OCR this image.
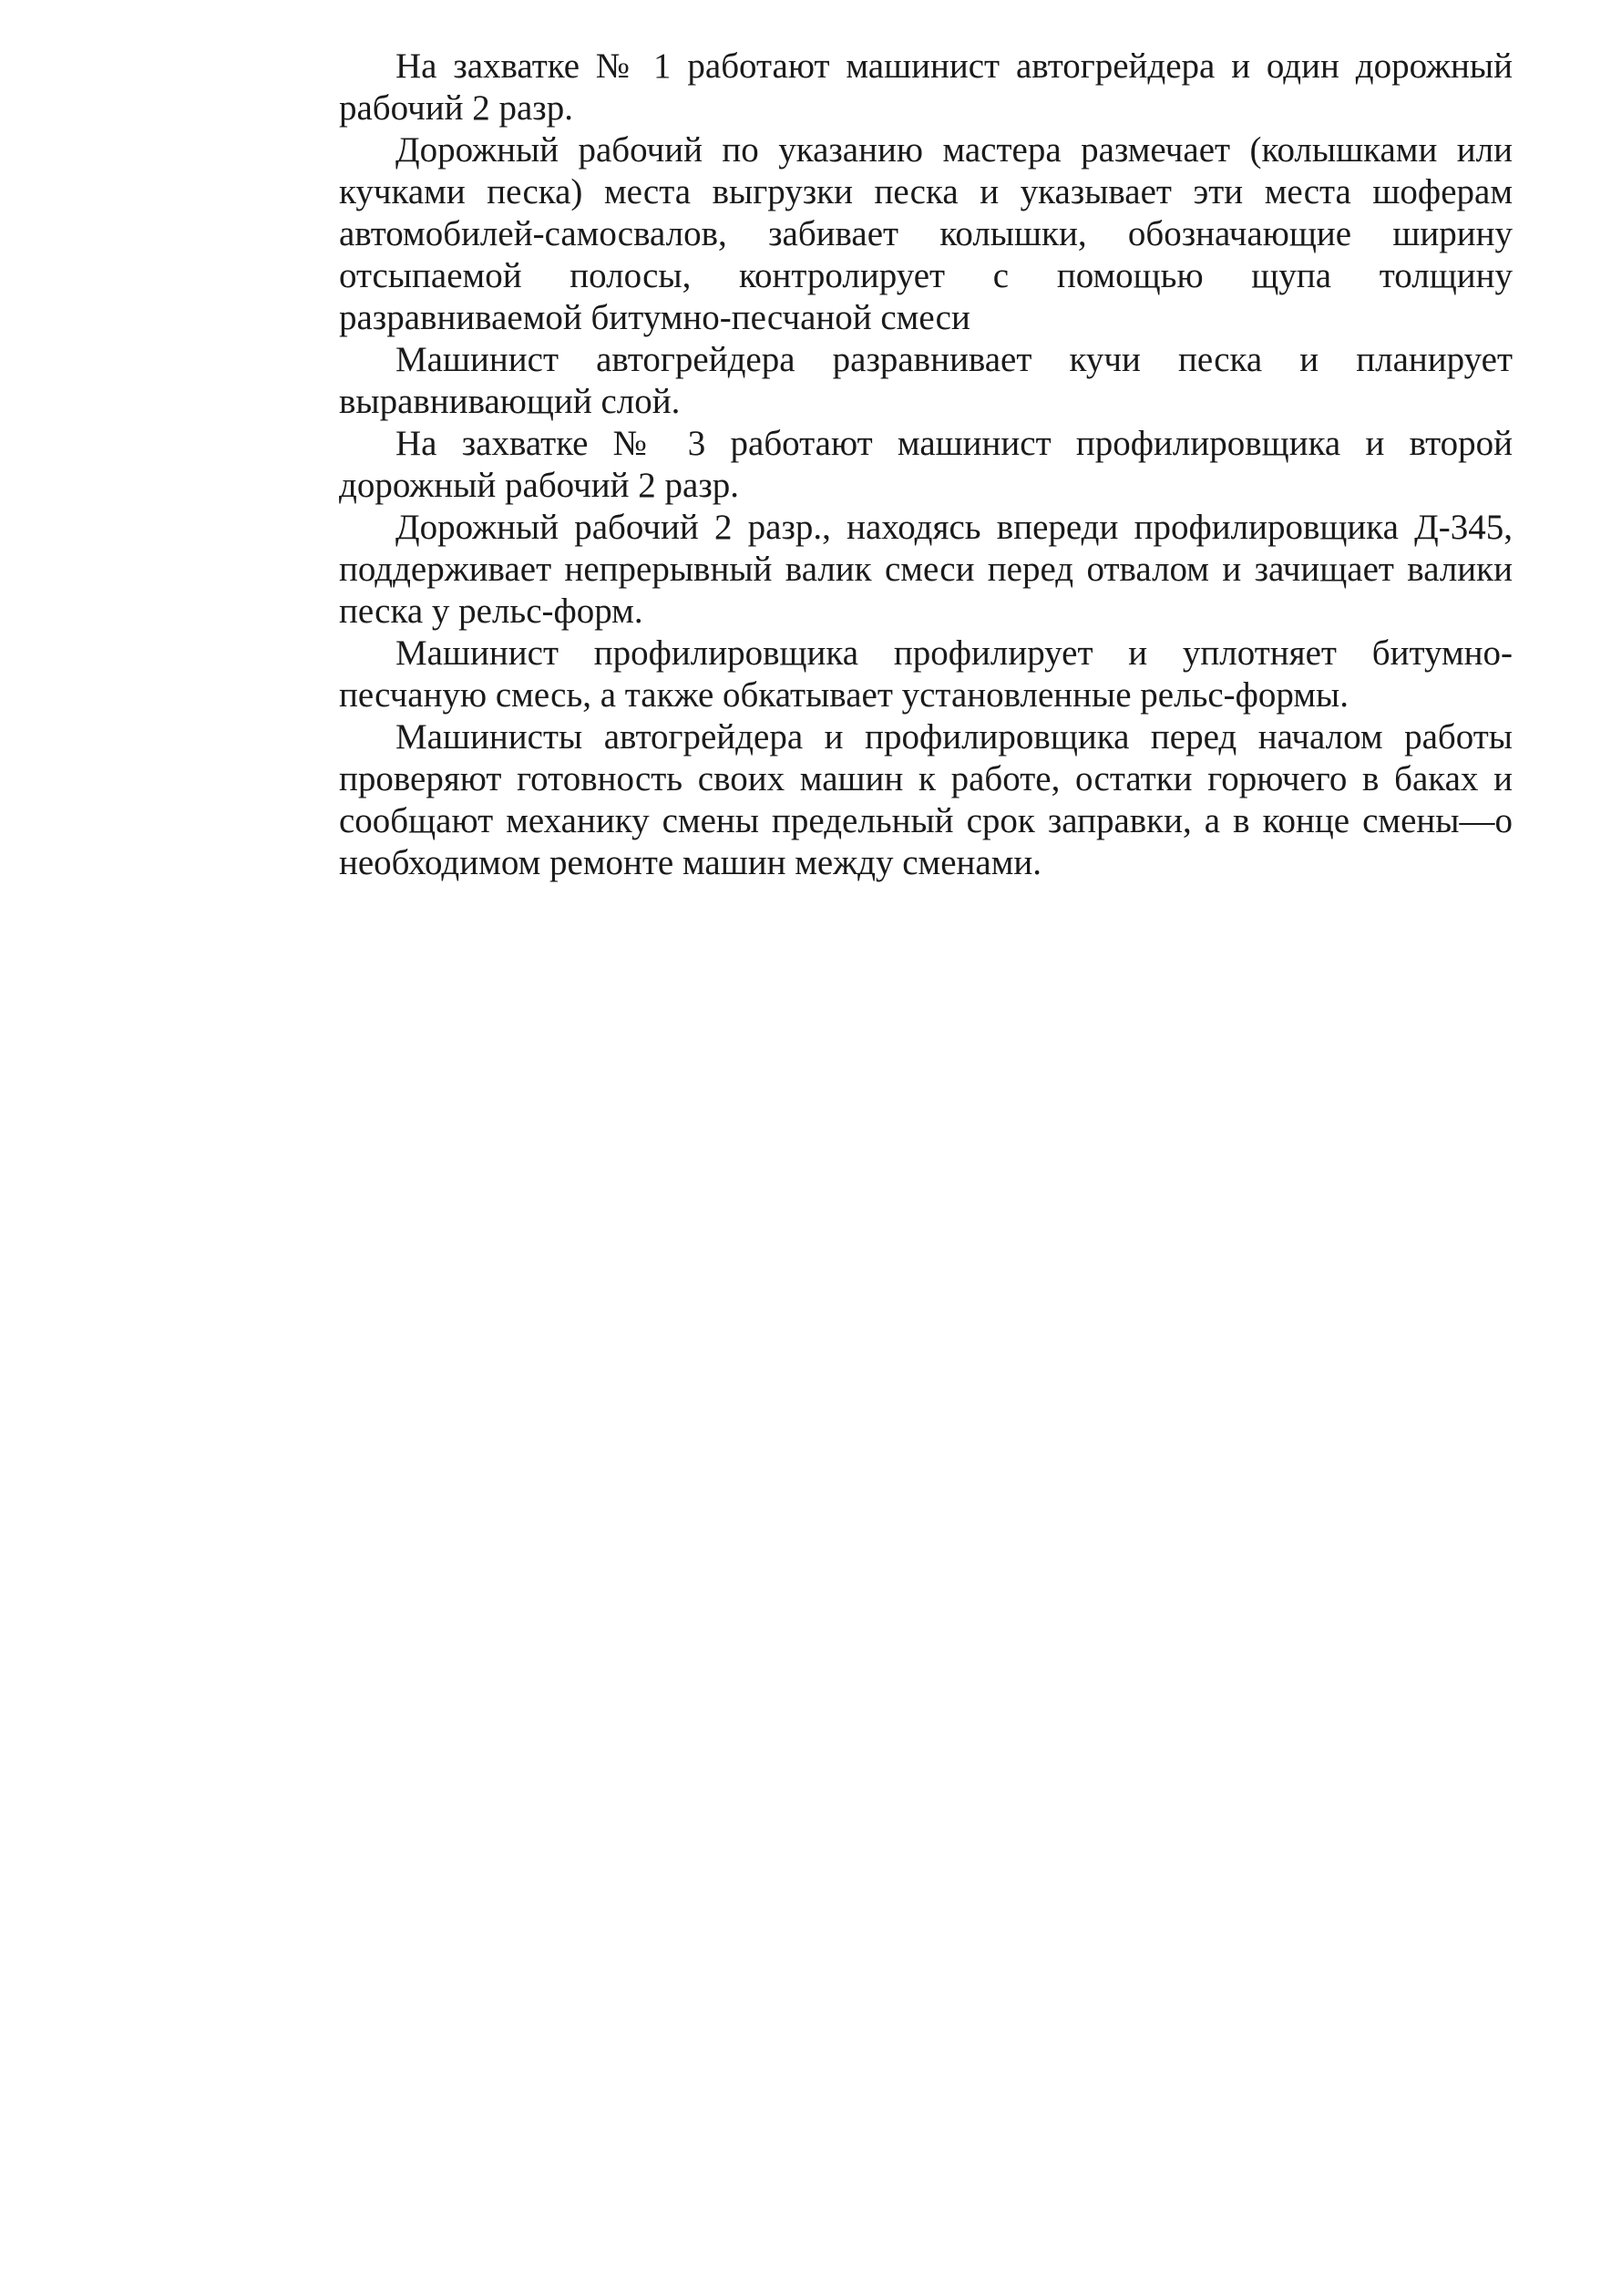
На захватке № 1 работают машинист автогрейдера и один дорожный рабочий 2 разр.

Дорожный рабочий по указанию мастера размечает (колышками или кучками песка) места выгрузки песка и указывает эти места шоферам автомобилей-самосвалов, забивает колышки, обозначающие ширину отсыпаемой полосы, контролирует с помощью щупа толщину разравниваемой битумно-песчаной смеси

Машинист автогрейдера разравнивает кучи песка и планирует выравнивающий слой.

На захватке № 3 работают машинист профилировщика и второй дорожный рабочий 2 разр.

Дорожный рабочий 2 разр., находясь впереди профилировщика Д-345, поддерживает непрерывный валик смеси перед отвалом и зачищает валики песка у рельс-форм.

Машинист профилировщика профилирует и уплотняет битумно-песчаную смесь, а также обкатывает установленные рельс-формы.

Машинисты автогрейдера и профилировщика перед началом работы проверяют готовность своих машин к работе, остатки горючего в баках и сообщают механику смены предельный срок заправки, а в конце смены—о необходимом ремонте машин между сменами.
